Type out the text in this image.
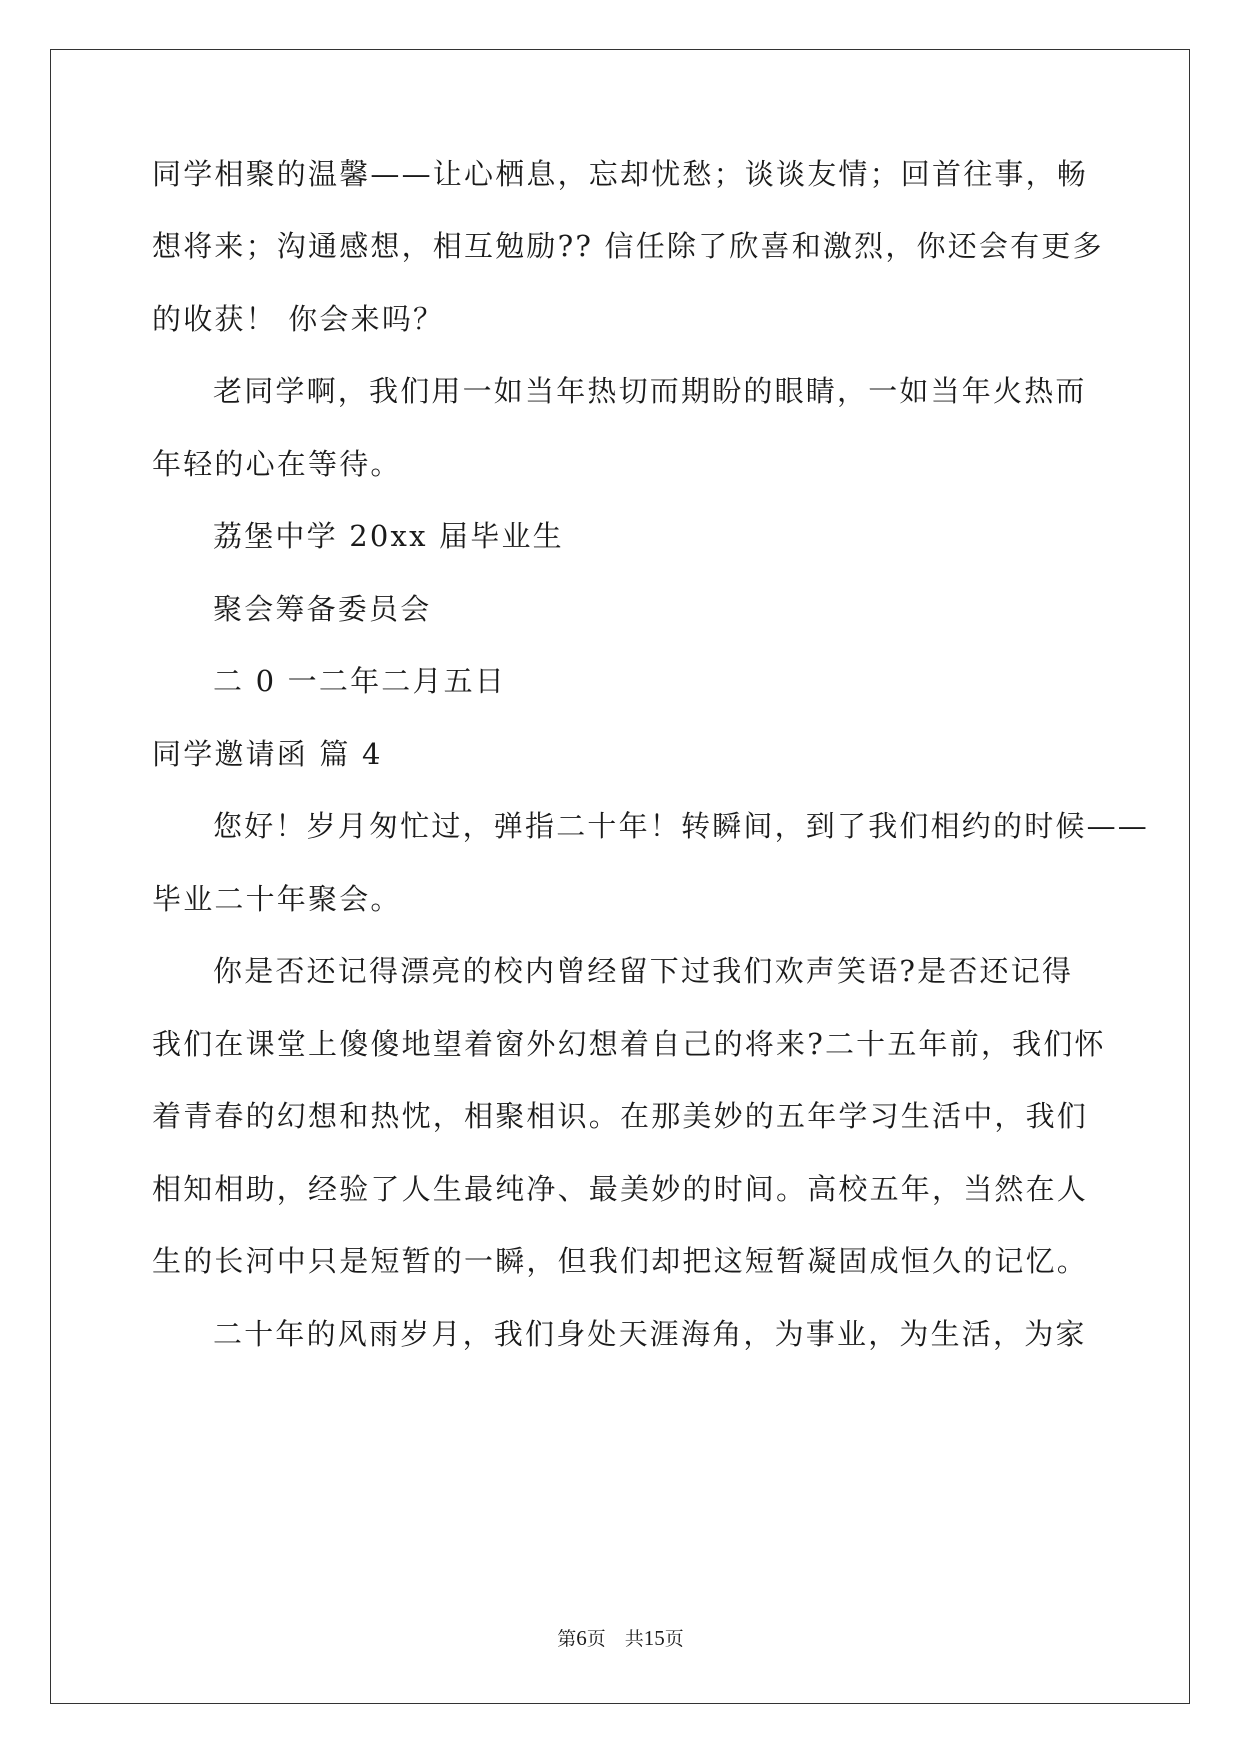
同学相聚的温馨——让心栖息，忘却忧愁；谈谈友情；回首往事，畅
想将来；沟通感想，相互勉励?? 信任除了欣喜和激烈，你还会有更多
的收获！ 你会来吗？
老同学啊，我们用一如当年热切而期盼的眼睛，一如当年火热而
年轻的心在等待。
荔堡中学 20xx 届毕业生
聚会筹备委员会
二 0 一二年二月五日
同学邀请函 篇 4
您好！岁月匆忙过，弹指二十年！转瞬间，到了我们相约的时候——
毕业二十年聚会。
你是否还记得漂亮的校内曾经留下过我们欢声笑语?是否还记得
我们在课堂上傻傻地望着窗外幻想着自己的将来?二十五年前，我们怀
着青春的幻想和热忱，相聚相识。在那美妙的五年学习生活中，我们
相知相助，经验了人生最纯净、最美妙的时间。高校五年，当然在人
生的长河中只是短暂的一瞬，但我们却把这短暂凝固成恒久的记忆。
二十年的风雨岁月，我们身处天涯海角，为事业，为生活，为家
第6页　共15页
